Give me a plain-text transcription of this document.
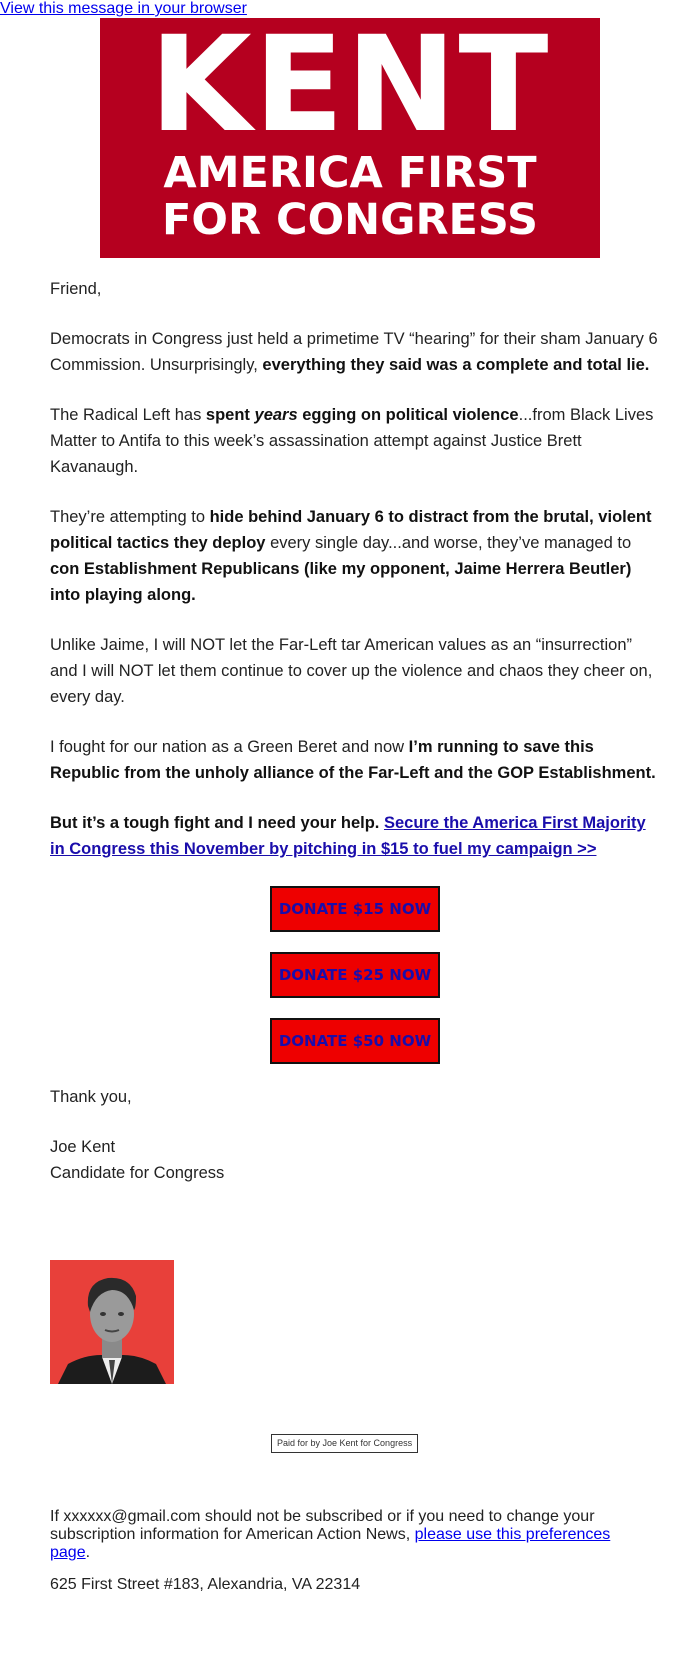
View this message in your browser
KENT
AMERICA FIRST
FOR CONGRESS

Friend,

Democrats in Congress just held a primetime TV “hearing” for their sham January 6 Commission. Unsurprisingly, everything they said was a complete and total lie.

The Radical Left has spent years egging on political violence...from Black Lives Matter to Antifa to this week’s assassination attempt against Justice Brett Kavanaugh.

They’re attempting to hide behind January 6 to distract from the brutal, violent political tactics they deploy every single day...and worse, they’ve managed to con Establishment Republicans (like my opponent, Jaime Herrera Beutler) into playing along.

Unlike Jaime, I will NOT let the Far-Left tar American values as an “insurrection” and I will NOT let them continue to cover up the violence and chaos they cheer on, every day.

I fought for our nation as a Green Beret and now I’m running to save this Republic from the unholy alliance of the Far-Left and the GOP Establishment.

But it’s a tough fight and I need your help. Secure the America First Majority in Congress this November by pitching in $15 to fuel my campaign >>

DONATE $15 NOW
DONATE $25 NOW
DONATE $50 NOW

Thank you,

Joe Kent
Candidate for Congress
Paid for by Joe Kent for Congress
If xxxxxx@gmail.com should not be subscribed or if you need to change your subscription information for American Action News, please use this preferences page.
625 First Street #183, Alexandria, VA 22314
